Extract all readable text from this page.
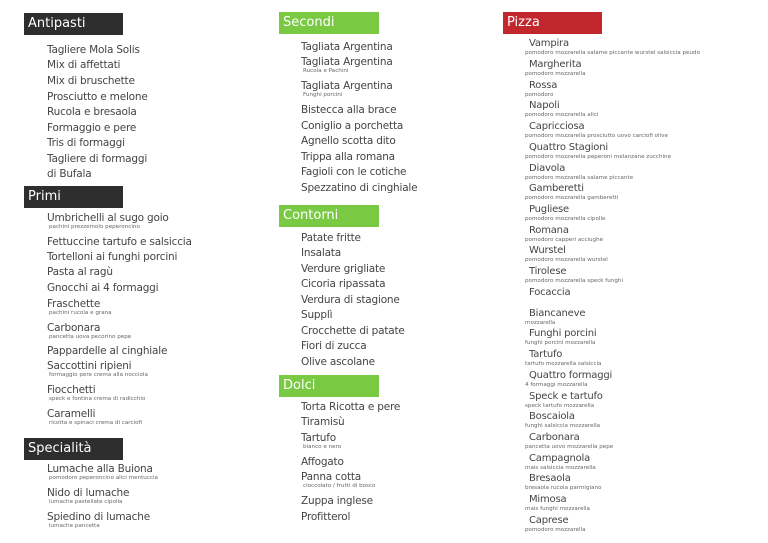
Antipasti
Tagliere Mola Solis
Mix di affettati
Mix di bruschette
Prosciutto e melone
Rucola e bresaola
Formaggio e pere
Tris di formaggi
Tagliere di formaggi
di Bufala
Primi
Umbrichelli al sugo goio
pachini prezzemolo peperoncino
Fettuccine tartufo e salsiccia
Tortelloni ai funghi porcini
Pasta al ragù
Gnocchi ai 4 formaggi
Fraschette
pachini rucola e grana
Carbonara
pancetta uova pecorino pepe
Pappardelle al cinghiale
Saccottini ripieni
formaggio pere crema alla nocciola
Fiocchetti
speck e fontina crema di radicchio
Caramelli
ricotta e spinaci crema di carciofi
Specialità
Lumache alla Buiona
pomodoro peperoncino alici mentuccia
Nido di lumache
lumache pastellate cipolla
Spiedino di lumache
lumache pancetta
Secondi
Tagliata Argentina
Tagliata Argentina
Rucola e Pachini
Tagliata Argentina
Funghi porcini
Bistecca alla brace
Coniglio a porchetta
Agnello scotta dito
Trippa alla romana
Fagioli con le cotiche
Spezzatino di cinghiale
Contorni
Patate fritte
Insalata
Verdure grigliate
Cicoria ripassata
Verdura di stagione
Supplì
Crocchette di patate
Fiori di zucca
Olive ascolane
Dolci
Torta Ricotta e pere
Tiramisù
Tartufo
bianco e nero
Affogato
Panna cotta
cioccolato / frutti di bosco
Zuppa inglese
Profitterol
Pizza
Vampira
pomodoro mozzarella salame piccante wurstel salsiccia peudo
Margherita
pomodoro mozzarella
Rossa
pomodoro
Napoli
pomodoro mozzarella alici
Capricciosa
pomodoro mozzarella prosciutto uovo carciofi olive
Quattro Stagioni
pomodoro mozzarella peperoni melanzane zucchine
Diavola
pomodoro mozzarella salame piccante
Gamberetti
pomodoro mozzarella gamberetti
Pugliese
pomodoro mozzarella cipolle
Romana
pomodoro capperi acciughe
Wurstel
pomodoro mozzarella wurstel
Tirolese
pomodoro mozzarella speck funghi
Focaccia
Biancaneve
mozzarella
Funghi porcini
funghi porcini mozzarella
Tartufo
tartufo mozzarella salsiccia
Quattro formaggi
4 formaggi mozzarella
Speck e tartufo
speck tartufo mozzarella
Boscaiola
funghi salsiccia mozzarella
Carbonara
pancetta uovo mozzarella pepe
Campagnola
mais salsiccia mozzarella
Bresaola
bresaola rucola parmigiano
Mimosa
mais funghi mozzarella
Caprese
pomodoro mozzarella
